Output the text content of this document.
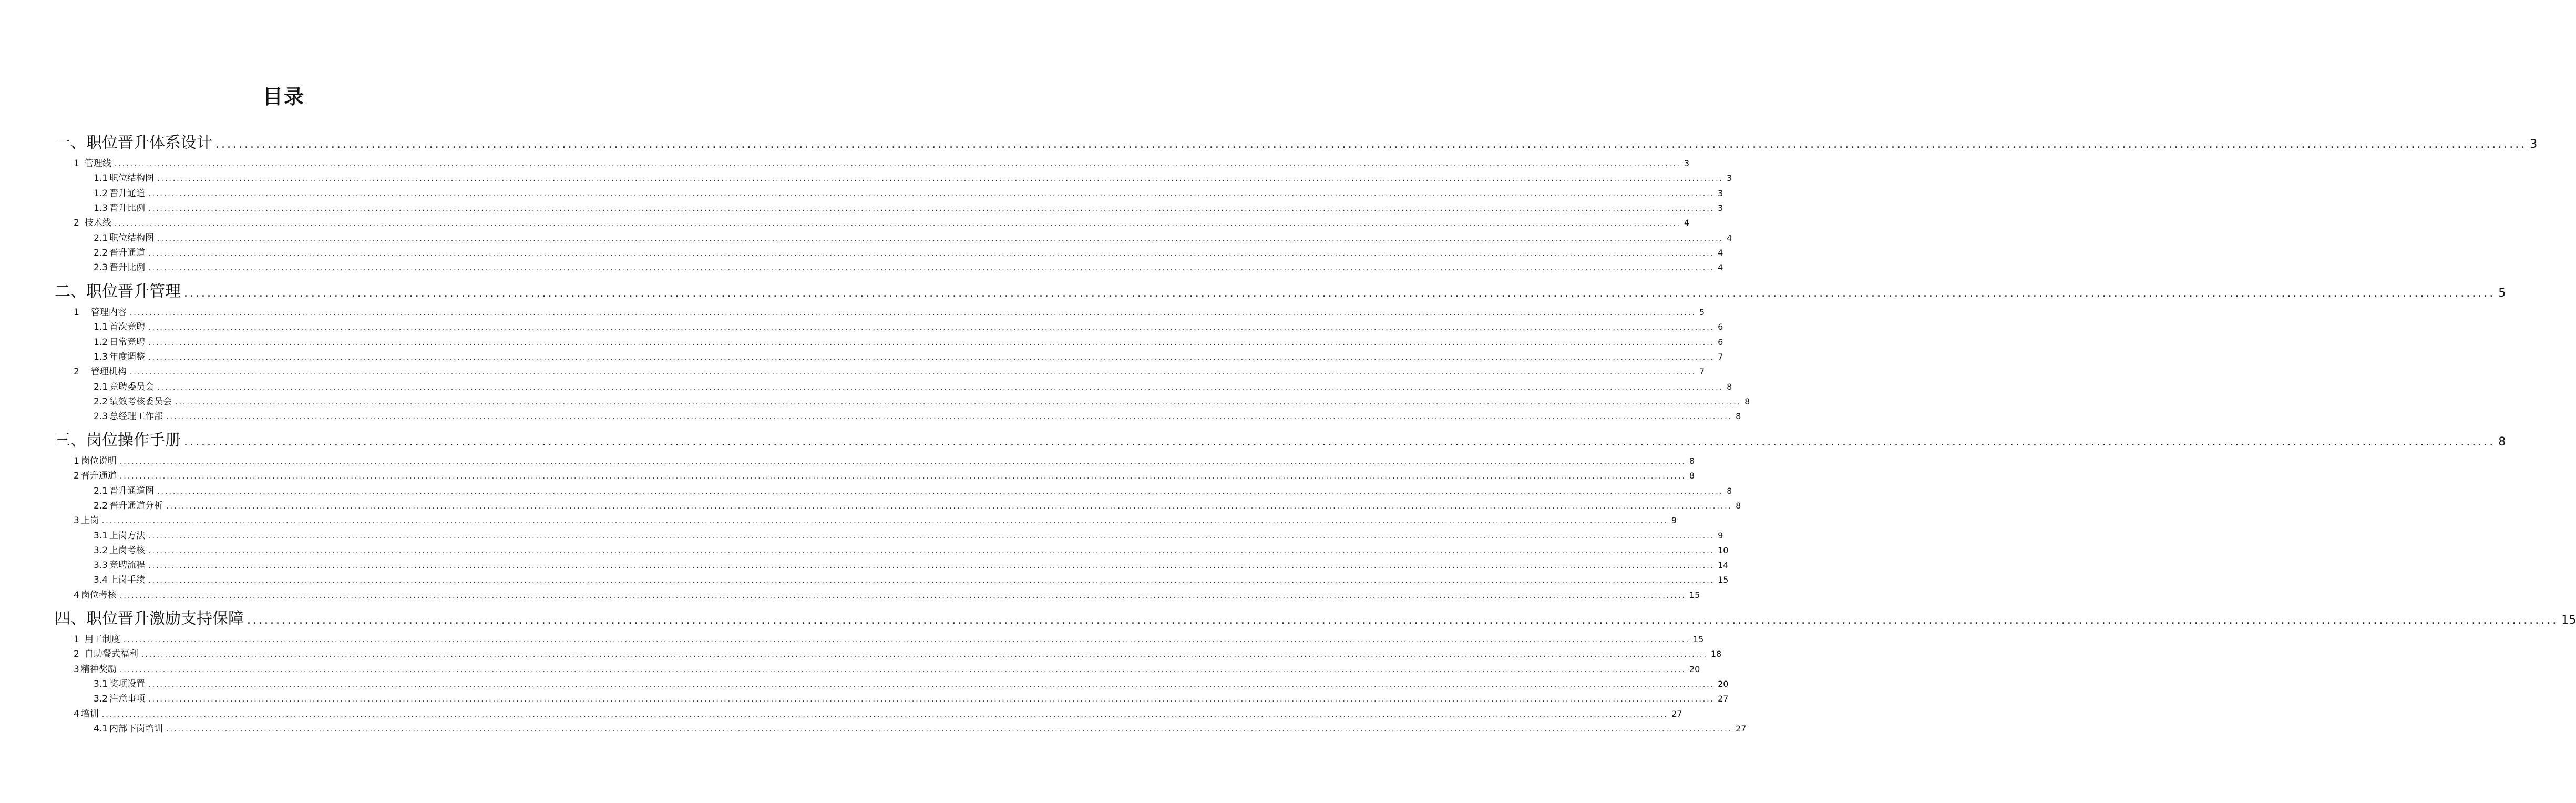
目录
一、职位晋升体系设计 ................................................................................................................................................................................................................................................................................................................................................................................................................ 3
1 管理线 ................................................................................................................................................................................................................................................................................................................................................................................................................ 3
1.1 职位结构图 ................................................................................................................................................................................................................................................................................................................................................................................................................ 3
1.2 晋升通道 ................................................................................................................................................................................................................................................................................................................................................................................................................ 3
1.3 晋升比例 ................................................................................................................................................................................................................................................................................................................................................................................................................ 3
2 技术线 ................................................................................................................................................................................................................................................................................................................................................................................................................ 4
2.1 职位结构图 ................................................................................................................................................................................................................................................................................................................................................................................................................ 4
2.2 晋升通道 ................................................................................................................................................................................................................................................................................................................................................................................................................ 4
2.3 晋升比例 ................................................................................................................................................................................................................................................................................................................................................................................................................ 4
二、职位晋升管理 ................................................................................................................................................................................................................................................................................................................................................................................................................ 5
1 管理内容 ................................................................................................................................................................................................................................................................................................................................................................................................................ 5
1.1 首次竞聘 ................................................................................................................................................................................................................................................................................................................................................................................................................ 6
1.2 日常竞聘 ................................................................................................................................................................................................................................................................................................................................................................................................................ 6
1.3 年度调整 ................................................................................................................................................................................................................................................................................................................................................................................................................ 7
2 管理机构 ................................................................................................................................................................................................................................................................................................................................................................................................................ 7
2.1 竞聘委员会 ................................................................................................................................................................................................................................................................................................................................................................................................................ 8
2.2 绩效考核委员会 ................................................................................................................................................................................................................................................................................................................................................................................................................ 8
2.3 总经理工作部 ................................................................................................................................................................................................................................................................................................................................................................................................................ 8
三、岗位操作手册 ................................................................................................................................................................................................................................................................................................................................................................................................................ 8
1 岗位说明 ................................................................................................................................................................................................................................................................................................................................................................................................................ 8
2 晋升通道 ................................................................................................................................................................................................................................................................................................................................................................................................................ 8
2.1 晋升通道图 ................................................................................................................................................................................................................................................................................................................................................................................................................ 8
2.2 晋升通道分析 ................................................................................................................................................................................................................................................................................................................................................................................................................ 8
3 上岗 ................................................................................................................................................................................................................................................................................................................................................................................................................ 9
3.1 上岗方法 ................................................................................................................................................................................................................................................................................................................................................................................................................ 9
3.2 上岗考核 ................................................................................................................................................................................................................................................................................................................................................................................................................ 10
3.3 竞聘流程 ................................................................................................................................................................................................................................................................................................................................................................................................................ 14
3.4 上岗手续 ................................................................................................................................................................................................................................................................................................................................................................................................................ 15
4 岗位考核 ................................................................................................................................................................................................................................................................................................................................................................................................................ 15
四、职位晋升激励支持保障 ................................................................................................................................................................................................................................................................................................................................................................................................................ 15
1 用工制度 ................................................................................................................................................................................................................................................................................................................................................................................................................ 15
2 自助餐式福利 ................................................................................................................................................................................................................................................................................................................................................................................................................ 18
3 精神奖励 ................................................................................................................................................................................................................................................................................................................................................................................................................ 20
3.1 奖项设置 ................................................................................................................................................................................................................................................................................................................................................................................................................ 20
3.2 注意事项 ................................................................................................................................................................................................................................................................................................................................................................................................................ 27
4 培训 ................................................................................................................................................................................................................................................................................................................................................................................................................ 27
4.1 内部下岗培训 ................................................................................................................................................................................................................................................................................................................................................................................................................ 27
